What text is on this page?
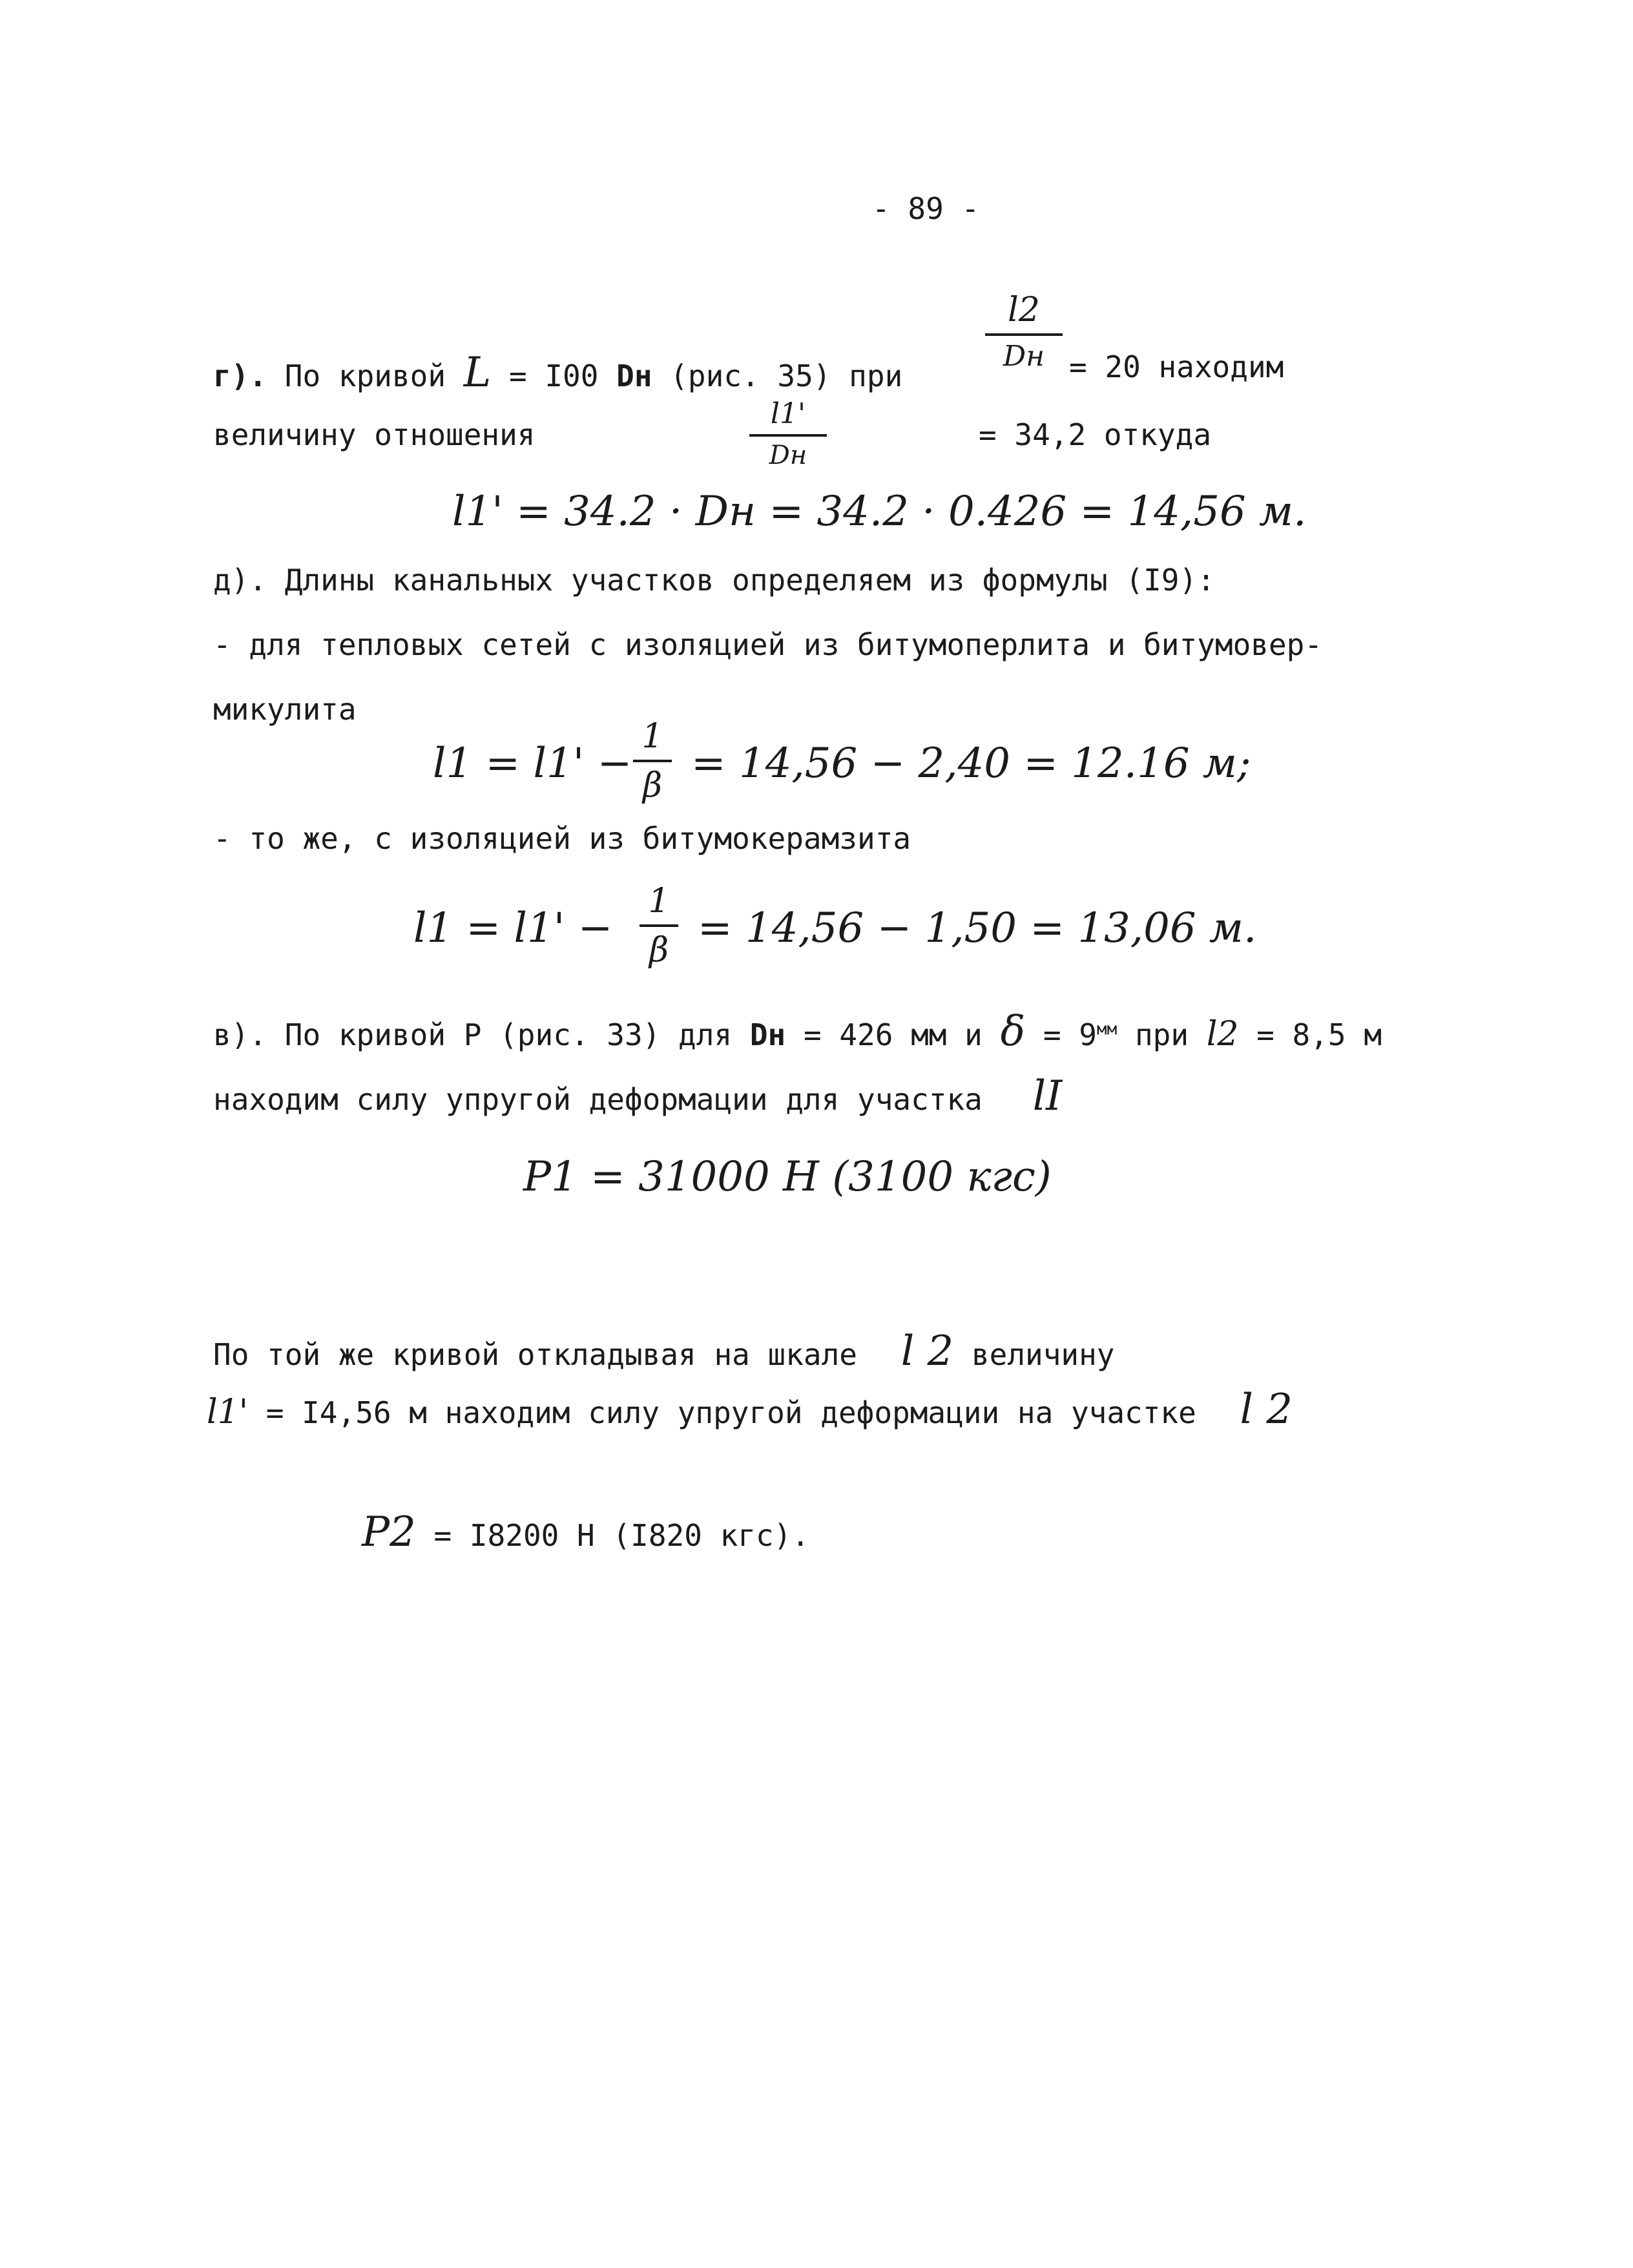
- 89 -
г). По кривой L = I00 Dн (рис. 35) при
l2
Dн = 20 находим
величину отношения
l1'
Dн
= 34,2 откуда
l1' = 34.2 · Dн = 34.2 · 0.426 = 14,56 м.
д). Длины канальных участков определяем из формулы (I9):
- для тепловых сетей с изоляцией из битумоперлита и битумовер-
микулита
l1 = l1' −
1
β = 14,56 − 2,40 = 12.16 м;
- то же, с изоляцией из битумокерамзита
l1 = l1' −
1
β = 14,56 − 1,50 = 13,06 м.
в). По кривой Р (рис. 33) для Dн = 426 мм и $\delta = 9^{мм}$ при l2 = 8,5 м
находим силу упругой деформации для участка lI
P1 = 31000 Н (3100 кгс)
По той же кривой откладывая на шкале l 2 величину
l1' = I4,56 м находим силу упругой деформации на участке l 2
P2 = I8200 Н (I820 кгс).
